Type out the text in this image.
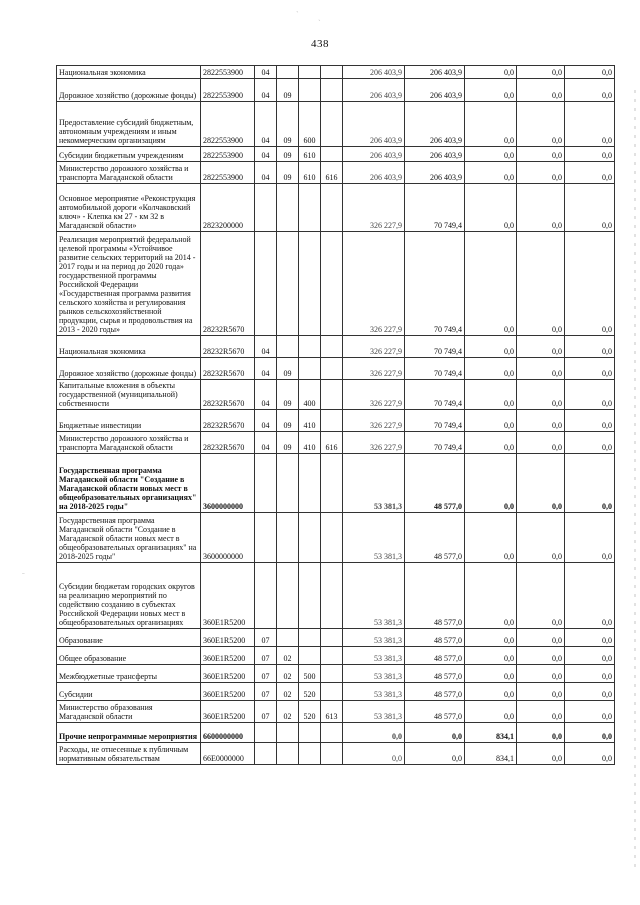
438
ˋ ˎ
˗
Национальная экономика	2822553900	04				206 403,9	206 403,9	0,0	0,0	0,0
Дорожное хозяйство (дорожные фонды)	2822553900	04	09			206 403,9	206 403,9	0,0	0,0	0,0
Предоставление субсидий бюджетным, автономным учреждениям и иным некоммерческим организациям	2822553900	04	09	600		206 403,9	206 403,9	0,0	0,0	0,0
Субсидии бюджетным учреждениям	2822553900	04	09	610		206 403,9	206 403,9	0,0	0,0	0,0
Министерство дорожного хозяйства и транспорта Магаданской области	2822553900	04	09	610	616	206 403,9	206 403,9	0,0	0,0	0,0
Основное мероприятие «Реконструкция автомобильной дороги «Колчаковский ключ» - Клепка км 27 - км 32 в Магаданской области»	2823200000					326 227,9	70 749,4	0,0	0,0	0,0
Реализация мероприятий федеральной целевой программы «Устойчивое развитие сельских территорий на 2014 - 2017 годы и на период до 2020 года» государственной программы Российской Федерации «Государственная программа развития сельского хозяйства и регулирования рынков сельскохозяйственной продукции, сырья и продовольствия на 2013 - 2020 годы»	28232R5670					326 227,9	70 749,4	0,0	0,0	0,0
Национальная экономика	28232R5670	04				326 227,9	70 749,4	0,0	0,0	0,0
Дорожное хозяйство (дорожные фонды)	28232R5670	04	09			326 227,9	70 749,4	0,0	0,0	0,0
Капитальные вложения в объекты государственной (муниципальной) собственности	28232R5670	04	09	400		326 227,9	70 749,4	0,0	0,0	0,0
Бюджетные инвестиции	28232R5670	04	09	410		326 227,9	70 749,4	0,0	0,0	0,0
Министерство дорожного хозяйства и транспорта Магаданской области	28232R5670	04	09	410	616	326 227,9	70 749,4	0,0	0,0	0,0
Государственная программа Магаданской области "Создание в Магаданской области новых мест в общеобразовательных организациях" на 2018-2025 годы"	3600000000					53 381,3	48 577,0	0,0	0,0	0,0
Государственная программа Магаданской области "Создание в Магаданской области новых мест в общеобразовательных организациях" на 2018-2025 годы"	3600000000					53 381,3	48 577,0	0,0	0,0	0,0
Субсидии бюджетам городских округов на реализацию мероприятий по содействию созданию в субъектах Российской Федерации новых мест в общеобразовательных организациях	360E1R5200					53 381,3	48 577,0	0,0	0,0	0,0
Образование	360E1R5200	07				53 381,3	48 577,0	0,0	0,0	0,0
Общее образование	360E1R5200	07	02			53 381,3	48 577,0	0,0	0,0	0,0
Межбюджетные трансферты	360E1R5200	07	02	500		53 381,3	48 577,0	0,0	0,0	0,0
Субсидии	360E1R5200	07	02	520		53 381,3	48 577,0	0,0	0,0	0,0
Министерство образования Магаданской области	360E1R5200	07	02	520	613	53 381,3	48 577,0	0,0	0,0	0,0
Прочие непрограммные мероприятия	6600000000					0,0	0,0	834,1	0,0	0,0
Расходы, не отнесенные к публичным нормативным обязательствам	66E0000000					0,0	0,0	834,1	0,0	0,0
